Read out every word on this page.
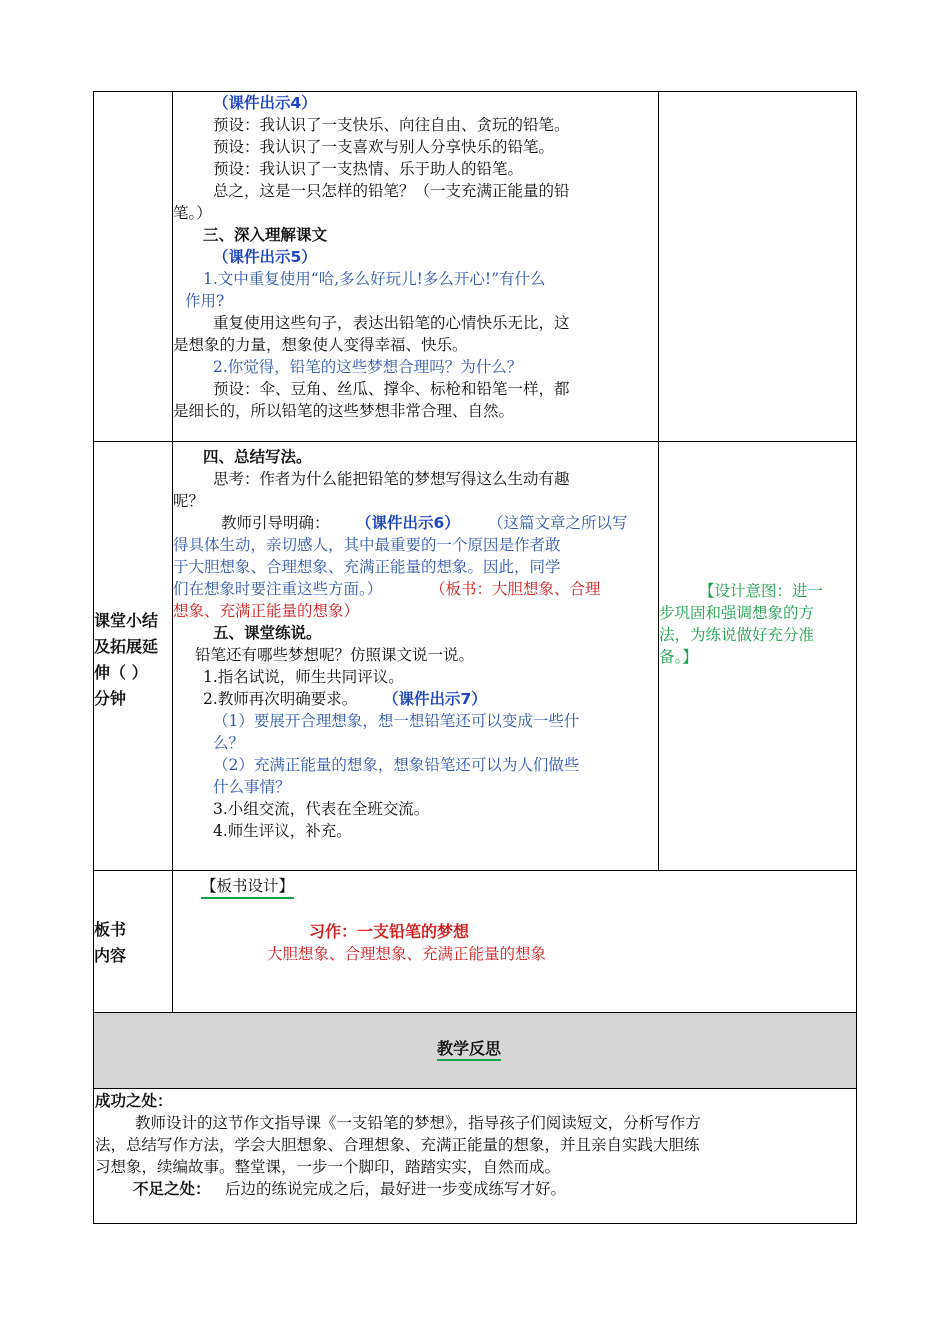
（课件出示4）
预设：我认识了一支快乐、向往自由、贪玩的铅笔。
预设：我认识了一支喜欢与别人分享快乐的铅笔。
预设：我认识了一支热情、乐于助人的铅笔。
总之，这是一只怎样的铅笔？（一支充满正能量的铅
笔。）
三、深入理解课文
（课件出示5）
1.文中重复使用“哈,多么好玩儿!多么开心!”有什么
作用?
重复使用这些句子，表达出铅笔的心情快乐无比，这
是想象的力量，想象使人变得幸福、快乐。
2.你觉得，铅笔的这些梦想合理吗？为什么？
预设：伞、豆角、丝瓜、撑伞、标枪和铅笔一样，都
是细长的，所以铅笔的这些梦想非常合理、自然。
课堂小结
及拓展延
伸（ ）
分钟
四、总结写法。
思考：作者为什么能把铅笔的梦想写得这么生动有趣
呢？
教师引导明确： （课件出示6） （这篇文章之所以写
得具体生动，亲切感人，其中最重要的一个原因是作者敢
于大胆想象、合理想象、充满正能量的想象。因此，同学
们在想象时要注重这些方面。）	（板书：大胆想象、合理
想象、充满正能量的想象）
五、课堂练说。
铅笔还有哪些梦想呢？仿照课文说一说。
1.指名试说，师生共同评议。
2.教师再次明确要求。 （课件出示7）
（1）要展开合理想象，想一想铅笔还可以变成一些什
么？
（2）充满正能量的想象，想象铅笔还可以为人们做些
什么事情？
3.小组交流，代表在全班交流。
4.师生评议，补充。
【设计意图：进一
步巩固和强调想象的方
法，为练说做好充分准
备。】
板书
内容
【板书设计】
习作：一支铅笔的梦想
大胆想象、合理想象、充满正能量的想象
教学反思
成功之处：
教师设计的这节作文指导课《一支铅笔的梦想》，指导孩子们阅读短文，分析写作方
法，总结写作方法，学会大胆想象、合理想象、充满正能量的想象，并且亲自实践大胆练
习想象，续编故事。整堂课，一步一个脚印，踏踏实实，自然而成。
不足之处： 后边的练说完成之后，最好进一步变成练写才好。
